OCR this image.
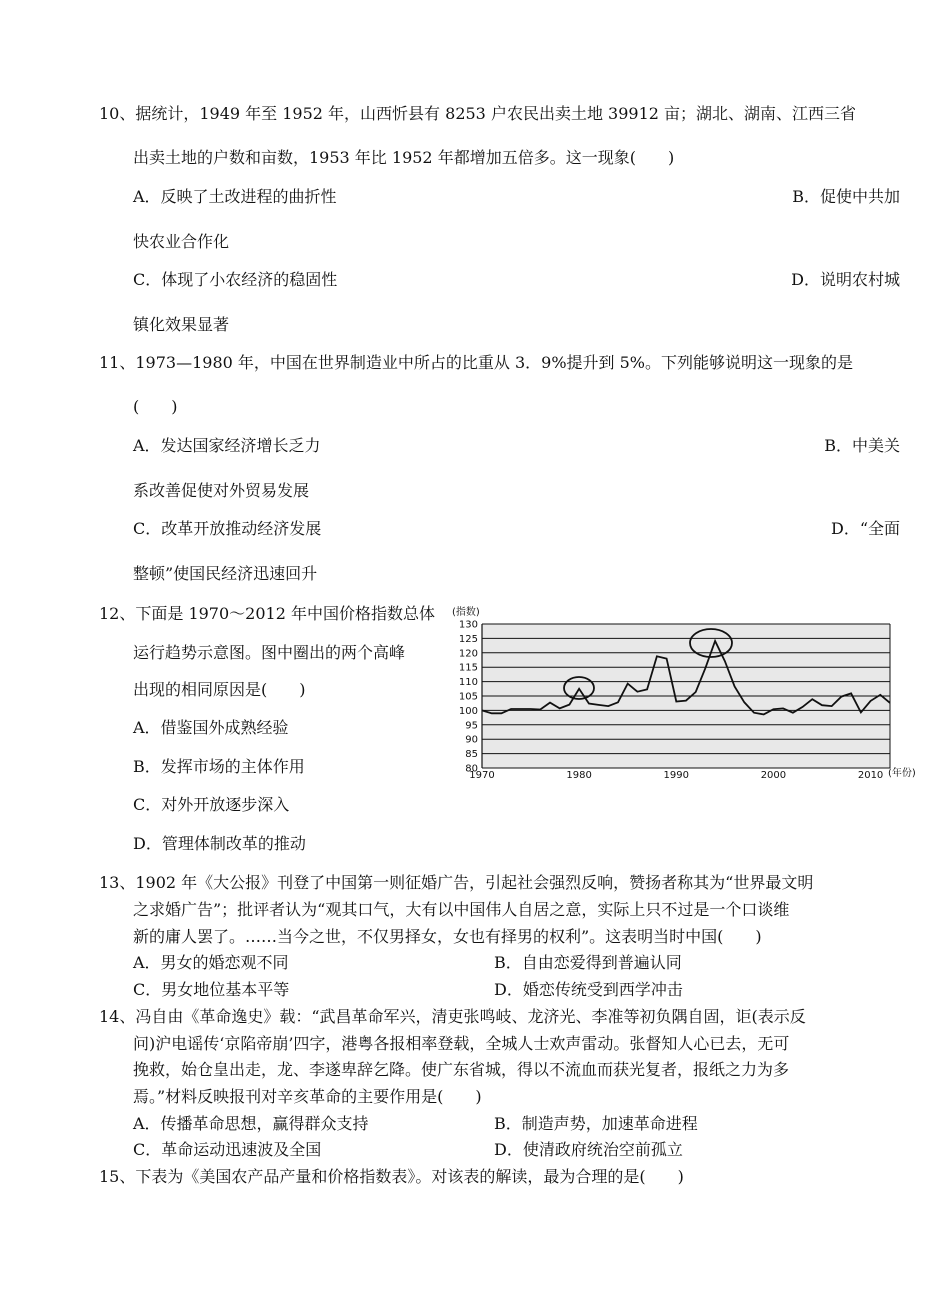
10、据统计，1949 年至 1952 年，山西忻县有 8253 户农民出卖土地 39912 亩；湖北、湖南、江西三省
出卖土地的户数和亩数，1953 年比 1952 年都增加五倍多。这一现象(　　)
A．反映了土改进程的曲折性	B．促使中共加
快农业合作化
C．体现了小农经济的稳固性	D．说明农村城
镇化效果显著
11、1973—1980 年，中国在世界制造业中所占的比重从 3．9%提升到 5%。下列能够说明这一现象的是
(　　)
A．发达国家经济增长乏力	B．中美关
系改善促使对外贸易发展
C．改革开放推动经济发展	D．“全面
整顿”使国民经济迅速回升
12、下面是 1970～2012 年中国价格指数总体
运行趋势示意图。图中圈出的两个高峰
出现的相同原因是(　　)
A．借鉴国外成熟经验
B．发挥市场的主体作用
C．对外开放逐步深入
D．管理体制改革的推动
(指数)
80
85
90
95
100
105
110
115
120
125
130
1970	1980	1990	2000	2010 (年份)
13、1902 年《大公报》刊登了中国第一则征婚广告，引起社会强烈反响，赞扬者称其为“世界最文明
之求婚广告”；批评者认为“观其口气，大有以中国伟人自居之意，实际上只不过是一个口谈维
新的庸人罢了。……当今之世，不仅男择女，女也有择男的权利”。这表明当时中国(　　)
A．男女的婚恋观不同	B．自由恋爱得到普遍认同
C．男女地位基本平等	D．婚恋传统受到西学冲击
14、冯自由《革命逸史》载：“武昌革命军兴，清吏张鸣岐、龙济光、李准等初负隅自固，讵(表示反
问)沪电谣传‘京陷帝崩’四字，港粤各报相率登载，全城人士欢声雷动。张督知人心已去，无可
挽救，始仓皇出走，龙、李遂卑辞乞降。使广东省城，得以不流血而获光复者，报纸之力为多
焉。”材料反映报刊对辛亥革命的主要作用是(　　)
A．传播革命思想，赢得群众支持	B．制造声势，加速革命进程
C．革命运动迅速波及全国	D．使清政府统治空前孤立
15、下表为《美国农产品产量和价格指数表》。对该表的解读，最为合理的是(　　)
